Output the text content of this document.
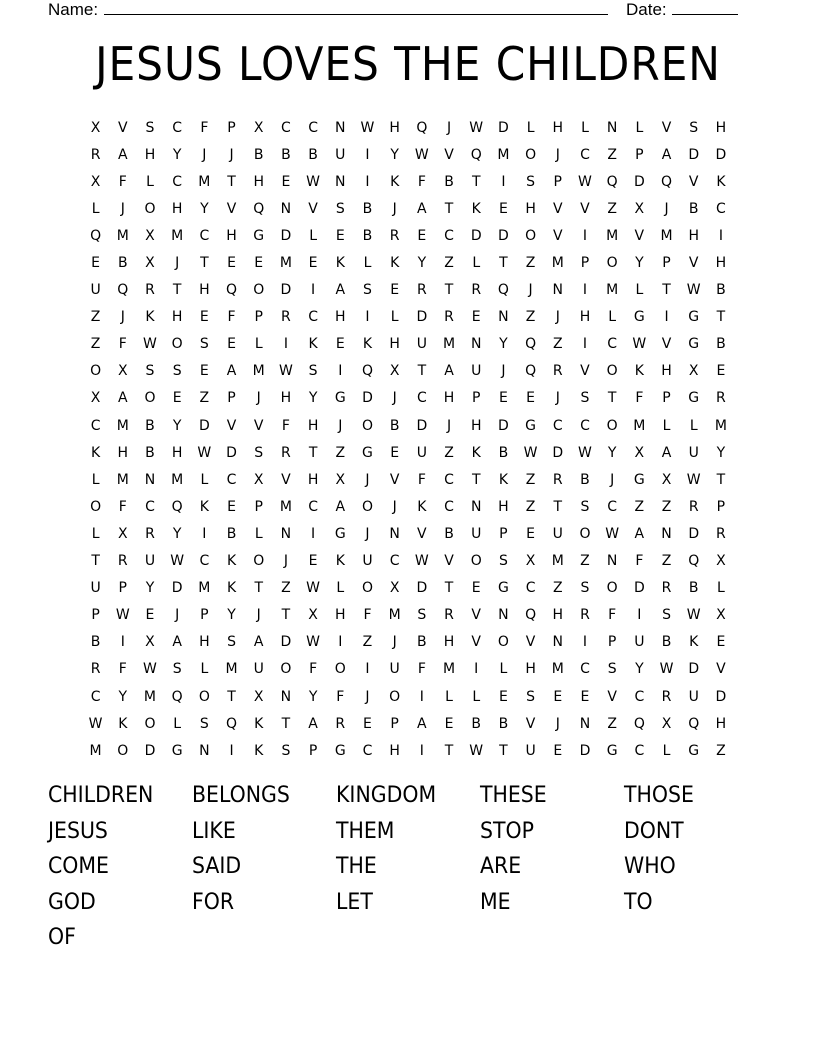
Name:	Date:
JESUS LOVES THE CHILDREN
X	V	S	C	F	P	X	C	C	N	W	H	Q	J	W	D	L	H	L	N	L	V	S	H
R	A	H	Y	J	J	B	B	B	U	I	Y	W	V	Q	M	O	J	C	Z	P	A	D	D
X	F	L	C	M	T	H	E	W	N	I	K	F	B	T	I	S	P	W	Q	D	Q	V	K
L	J	O	H	Y	V	Q	N	V	S	B	J	A	T	K	E	H	V	V	Z	X	J	B	C
Q	M	X	M	C	H	G	D	L	E	B	R	E	C	D	D	O	V	I	M	V	M	H	I
E	B	X	J	T	E	E	M	E	K	L	K	Y	Z	L	T	Z	M	P	O	Y	P	V	H
U	Q	R	T	H	Q	O	D	I	A	S	E	R	T	R	Q	J	N	I	M	L	T	W	B
Z	J	K	H	E	F	P	R	C	H	I	L	D	R	E	N	Z	J	H	L	G	I	G	T
Z	F	W	O	S	E	L	I	K	E	K	H	U	M	N	Y	Q	Z	I	C	W	V	G	B
O	X	S	S	E	A	M	W	S	I	Q	X	T	A	U	J	Q	R	V	O	K	H	X	E
X	A	O	E	Z	P	J	H	Y	G	D	J	C	H	P	E	E	J	S	T	F	P	G	R
C	M	B	Y	D	V	V	F	H	J	O	B	D	J	H	D	G	C	C	O	M	L	L	M
K	H	B	H	W	D	S	R	T	Z	G	E	U	Z	K	B	W	D	W	Y	X	A	U	Y
L	M	N	M	L	C	X	V	H	X	J	V	F	C	T	K	Z	R	B	J	G	X	W	T
O	F	C	Q	K	E	P	M	C	A	O	J	K	C	N	H	Z	T	S	C	Z	Z	R	P
L	X	R	Y	I	B	L	N	I	G	J	N	V	B	U	P	E	U	O	W	A	N	D	R
T	R	U	W	C	K	O	J	E	K	U	C	W	V	O	S	X	M	Z	N	F	Z	Q	X
U	P	Y	D	M	K	T	Z	W	L	O	X	D	T	E	G	C	Z	S	O	D	R	B	L
P	W	E	J	P	Y	J	T	X	H	F	M	S	R	V	N	Q	H	R	F	I	S	W	X
B	I	X	A	H	S	A	D	W	I	Z	J	B	H	V	O	V	N	I	P	U	B	K	E
R	F	W	S	L	M	U	O	F	O	I	U	F	M	I	L	H	M	C	S	Y	W	D	V
C	Y	M	Q	O	T	X	N	Y	F	J	O	I	L	L	E	S	E	E	V	C	R	U	D
W	K	O	L	S	Q	K	T	A	R	E	P	A	E	B	B	V	J	N	Z	Q	X	Q	H
M	O	D	G	N	I	K	S	P	G	C	H	I	T	W	T	U	E	D	G	C	L	G	Z
CHILDREN	BELONGS	KINGDOM	THESE	THOSE
JESUS	LIKE	THEM	STOP	DONT
COME	SAID	THE	ARE	WHO
GOD	FOR	LET	ME	TO
OF
